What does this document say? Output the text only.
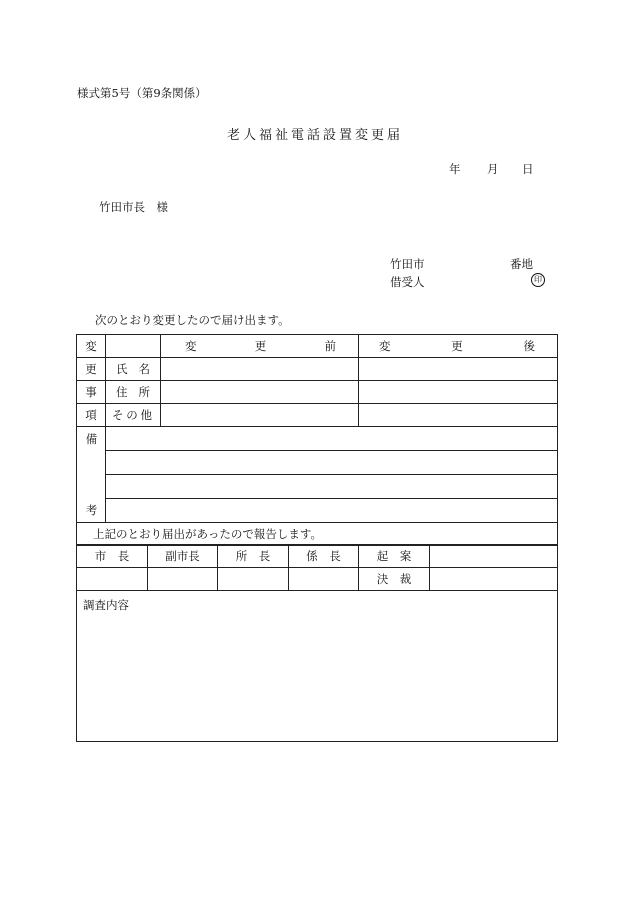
様式第5号（第9条関係）
老人福祉電話設置変更届
年 月 日
竹田市長　様
竹田市	番地
借受人	印
次のとおり変更したので届け出ます。
変		変 更 前	変 更 後

更	氏 名		

事	住 所		

項	そ の 他		

備
考			

上記のとおり届出があったので報告します。			
市　長	副市長	所　長	係　長	起　案	
				決　裁	
調査内容					
